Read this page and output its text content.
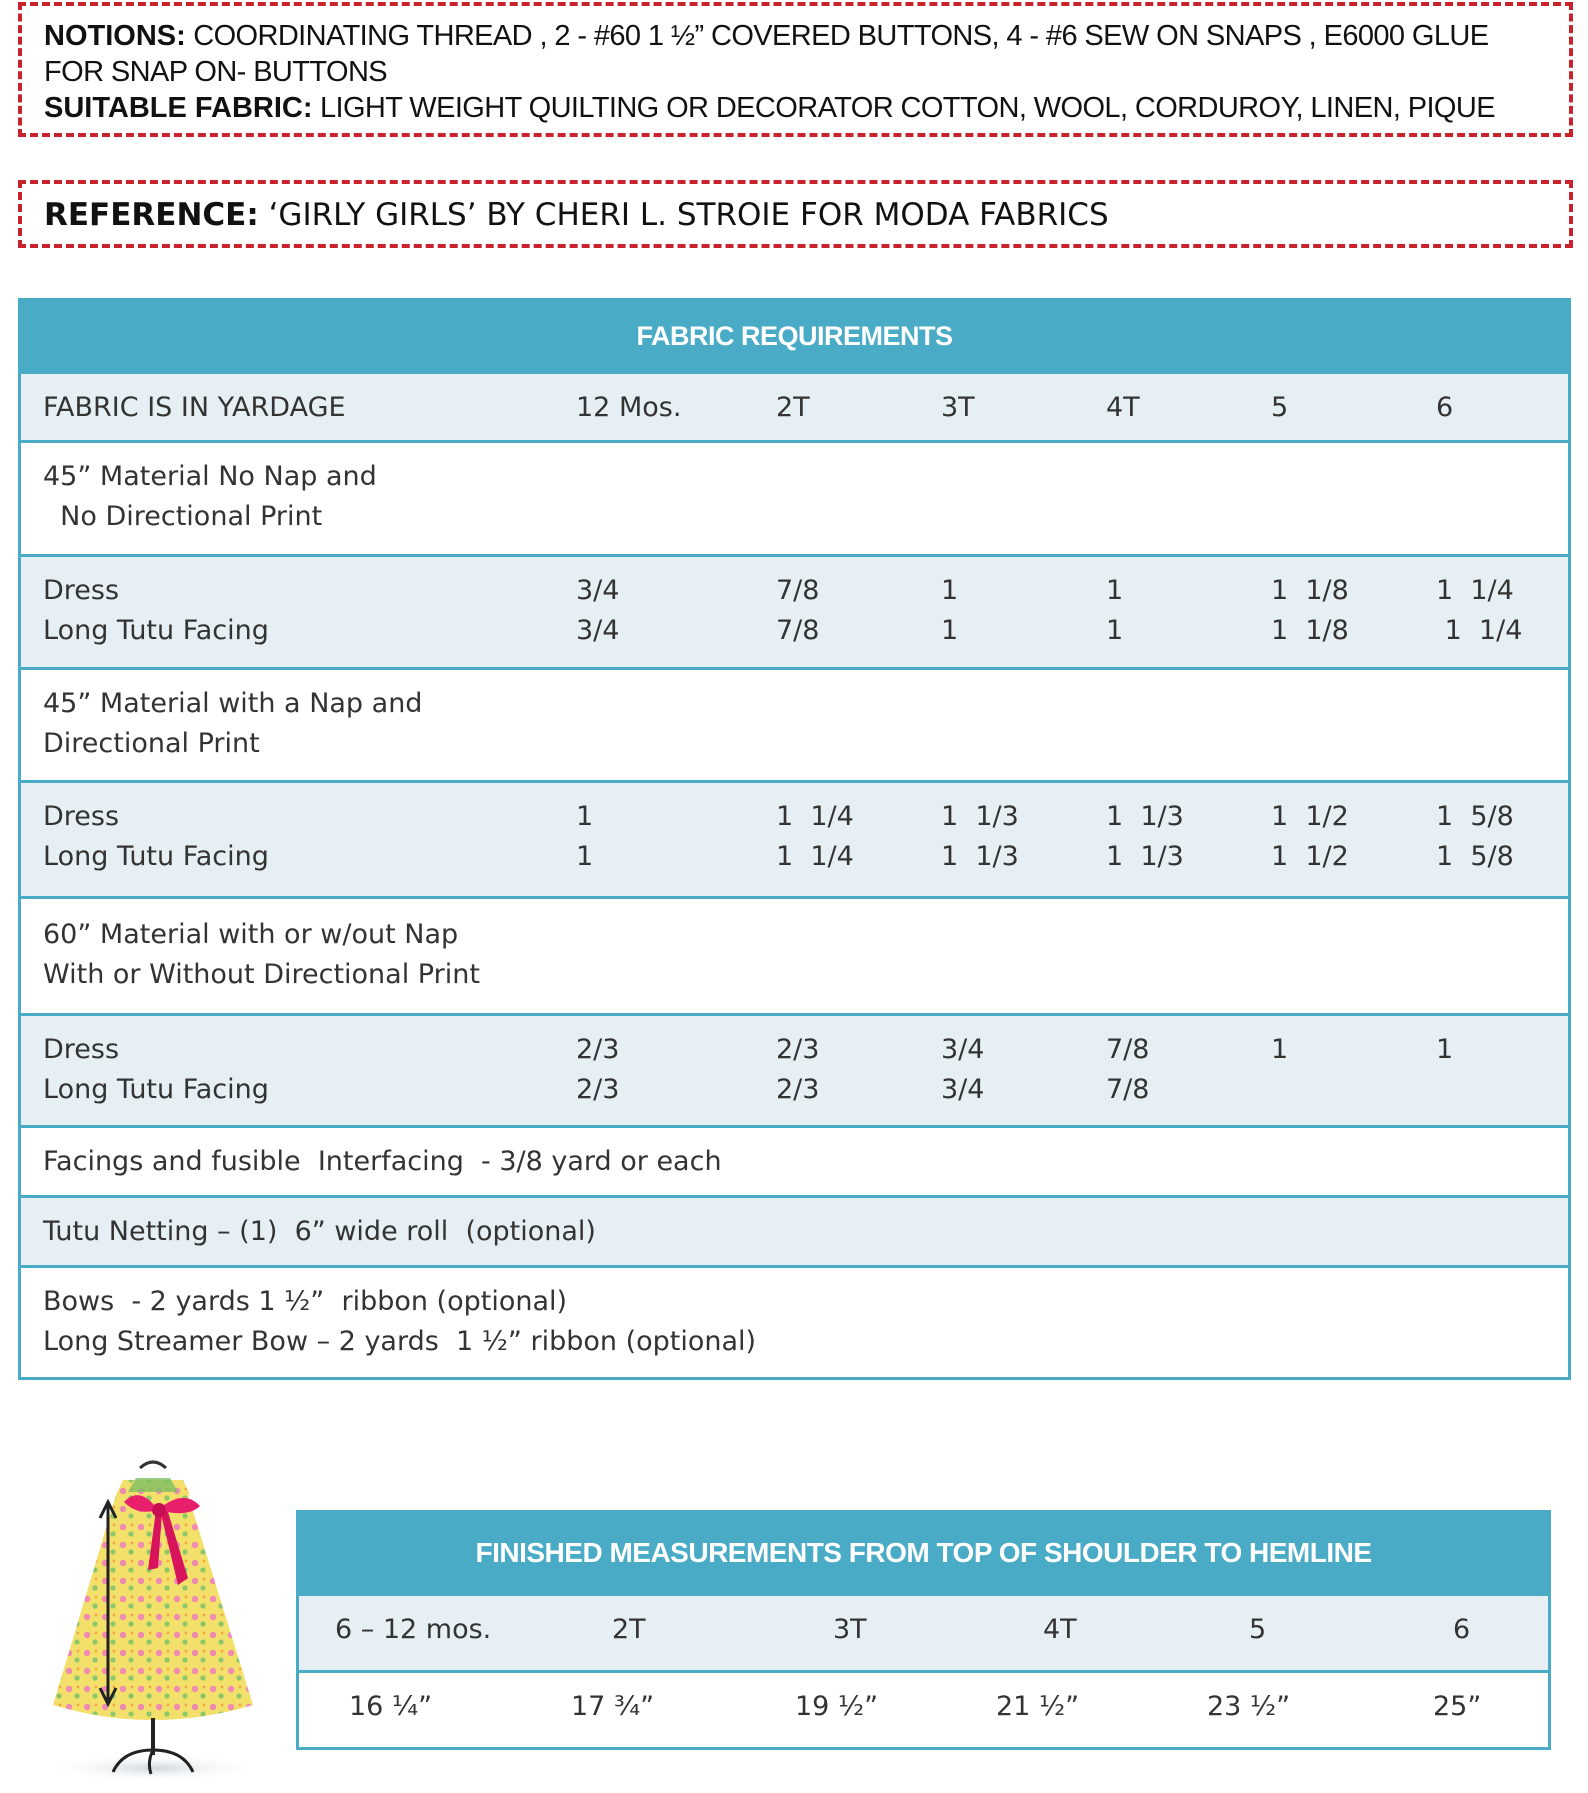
NOTIONS: COORDINATING THREAD , 2 - #60 1 ½” COVERED BUTTONS, 4 - #6 SEW ON SNAPS , E6000 GLUE
FOR SNAP ON- BUTTONS
SUITABLE FABRIC: LIGHT WEIGHT QUILTING OR DECORATOR COTTON, WOOL, CORDUROY, LINEN, PIQUE
REFERENCE: ‘GIRLY GIRLS’ BY CHERI L. STROIE FOR MODA FABRICS
FABRIC REQUIREMENTS
FABRIC IS IN YARDAGE	12 Mos.	2T	3T	4T	5	6
45” Material No Nap and
No Directional Print
Dress	3/4	7/8	1	1	1  1/8	1  1/4
Long Tutu Facing	3/4	7/8	1	1	1  1/8	1  1/4
45” Material with a Nap and
Directional Print
Dress	1	1  1/4	1  1/3	1  1/3	1  1/2	1  5/8
Long Tutu Facing	1	1  1/4	1  1/3	1  1/3	1  1/2	1  5/8
60” Material with or w/out Nap
With or Without Directional Print
Dress	2/3	2/3	3/4	7/8	1	1
Long Tutu Facing	2/3	2/3	3/4	7/8
Facings and fusible  Interfacing  - 3/8 yard or each
Tutu Netting – (1)  6” wide roll  (optional)
Bows  - 2 yards 1 ½”  ribbon (optional)
Long Streamer Bow – 2 yards  1 ½” ribbon (optional)
FINISHED MEASUREMENTS FROM TOP OF SHOULDER TO HEMLINE
6 – 12 mos.	2T	3T	4T	5	6
16 ¼”	17 ¾”	19 ½”	21 ½”	23 ½”	25”
